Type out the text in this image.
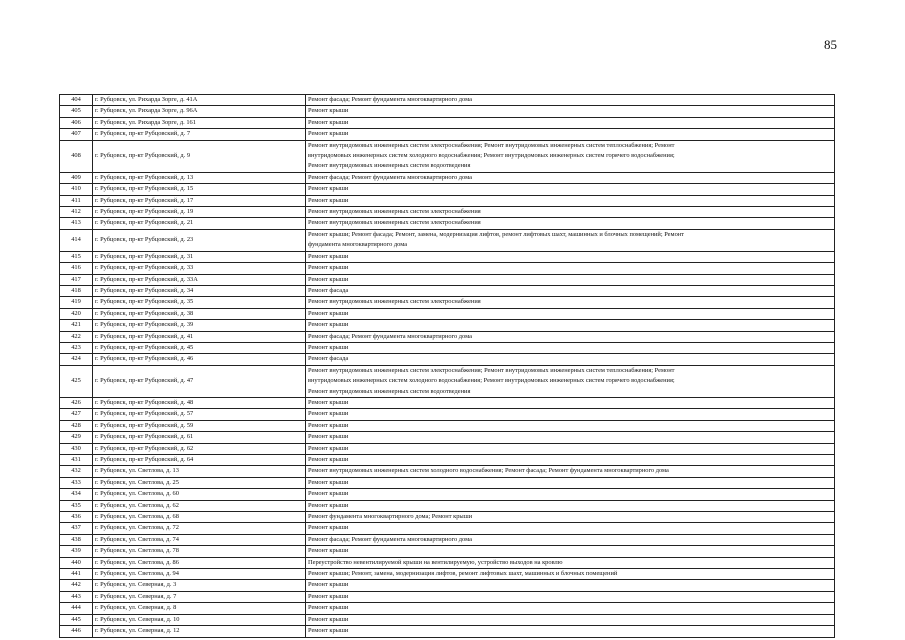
85
404	г. Рубцовск, ул. Рихарда Зорге, д. 41А	Ремонт фасада; Ремонт фундамента многоквартирного дома

405	г. Рубцовск, ул. Рихарда Зорге, д. 96А	Ремонт крыши

406	г. Рубцовск, ул. Рихарда Зорге, д. 161	Ремонт крыши

407	г. Рубцовск, пр-кт Рубцовский, д. 7	Ремонт крыши

408	г. Рубцовск, пр-кт Рубцовский, д. 9	Ремонт внутридомовых инженерных систем электроснабжения; Ремонт внутридомовых инженерных систем теплоснабжения; Ремонт
внутридомовых инженерных систем холодного водоснабжения; Ремонт внутридомовых инженерных систем горячего водоснабжения;
Ремонт внутридомовых инженерных систем водоотведения

409	г. Рубцовск, пр-кт Рубцовский, д. 13	Ремонт фасада; Ремонт фундамента многоквартирного дома

410	г. Рубцовск, пр-кт Рубцовский, д. 15	Ремонт крыши

411	г. Рубцовск, пр-кт Рубцовский, д. 17	Ремонт крыши

412	г. Рубцовск, пр-кт Рубцовский, д. 19	Ремонт внутридомовых инженерных систем электроснабжения

413	г. Рубцовск, пр-кт Рубцовский, д. 21	Ремонт внутридомовых инженерных систем электроснабжения

414	г. Рубцовск, пр-кт Рубцовский, д. 23	Ремонт крыши; Ремонт фасада; Ремонт, замена, модернизация лифтов, ремонт лифтовых шахт, машинных и блочных помещений; Ремонт
фундамента многоквартирного дома

415	г. Рубцовск, пр-кт Рубцовский, д. 31	Ремонт крыши

416	г. Рубцовск, пр-кт Рубцовский, д. 33	Ремонт крыши

417	г. Рубцовск, пр-кт Рубцовский, д. 33А	Ремонт крыши

418	г. Рубцовск, пр-кт Рубцовский, д. 34	Ремонт фасада

419	г. Рубцовск, пр-кт Рубцовский, д. 35	Ремонт внутридомовых инженерных систем электроснабжения

420	г. Рубцовск, пр-кт Рубцовский, д. 38	Ремонт крыши

421	г. Рубцовск, пр-кт Рубцовский, д. 39	Ремонт крыши

422	г. Рубцовск, пр-кт Рубцовский, д. 41	Ремонт фасада; Ремонт фундамента многоквартирного дома

423	г. Рубцовск, пр-кт Рубцовский, д. 45	Ремонт крыши

424	г. Рубцовск, пр-кт Рубцовский, д. 46	Ремонт фасада

425	г. Рубцовск, пр-кт Рубцовский, д. 47	Ремонт внутридомовых инженерных систем электроснабжения; Ремонт внутридомовых инженерных систем теплоснабжения; Ремонт
внутридомовых инженерных систем холодного водоснабжения; Ремонт внутридомовых инженерных систем горячего водоснабжения;
Ремонт внутридомовых инженерных систем водоотведения

426	г. Рубцовск, пр-кт Рубцовский, д. 48	Ремонт крыши

427	г. Рубцовск, пр-кт Рубцовский, д. 57	Ремонт крыши

428	г. Рубцовск, пр-кт Рубцовский, д. 59	Ремонт крыши

429	г. Рубцовск, пр-кт Рубцовский, д. 61	Ремонт крыши

430	г. Рубцовск, пр-кт Рубцовский, д. 62	Ремонт крыши

431	г. Рубцовск, пр-кт Рубцовский, д. 64	Ремонт крыши

432	г. Рубцовск, ул. Светлова, д. 13	Ремонт внутридомовых инженерных систем холодного водоснабжения; Ремонт фасада; Ремонт фундамента многоквартирного дома

433	г. Рубцовск, ул. Светлова, д. 25	Ремонт крыши

434	г. Рубцовск, ул. Светлова, д. 60	Ремонт крыши

435	г. Рубцовск, ул. Светлова, д. 62	Ремонт крыши

436	г. Рубцовск, ул. Светлова, д. 68	Ремонт фундамента многоквартирного дома; Ремонт крыши

437	г. Рубцовск, ул. Светлова, д. 72	Ремонт крыши

438	г. Рубцовск, ул. Светлова, д. 74	Ремонт фасада; Ремонт фундамента многоквартирного дома

439	г. Рубцовск, ул. Светлова, д. 78	Ремонт крыши

440	г. Рубцовск, ул. Светлова, д. 86	Переустройство невентилируемой крыши на вентилируемую, устройство выходов на кровлю

441	г. Рубцовск, ул. Светлова, д. 94	Ремонт крыши; Ремонт, замена, модернизация лифтов, ремонт лифтовых шахт, машинных и блочных помещений

442	г. Рубцовск, ул. Северная, д. 3	Ремонт крыши

443	г. Рубцовск, ул. Северная, д. 7	Ремонт крыши

444	г. Рубцовск, ул. Северная, д. 8	Ремонт крыши

445	г. Рубцовск, ул. Северная, д. 10	Ремонт крыши

446	г. Рубцовск, ул. Северная, д. 12	Ремонт крыши
